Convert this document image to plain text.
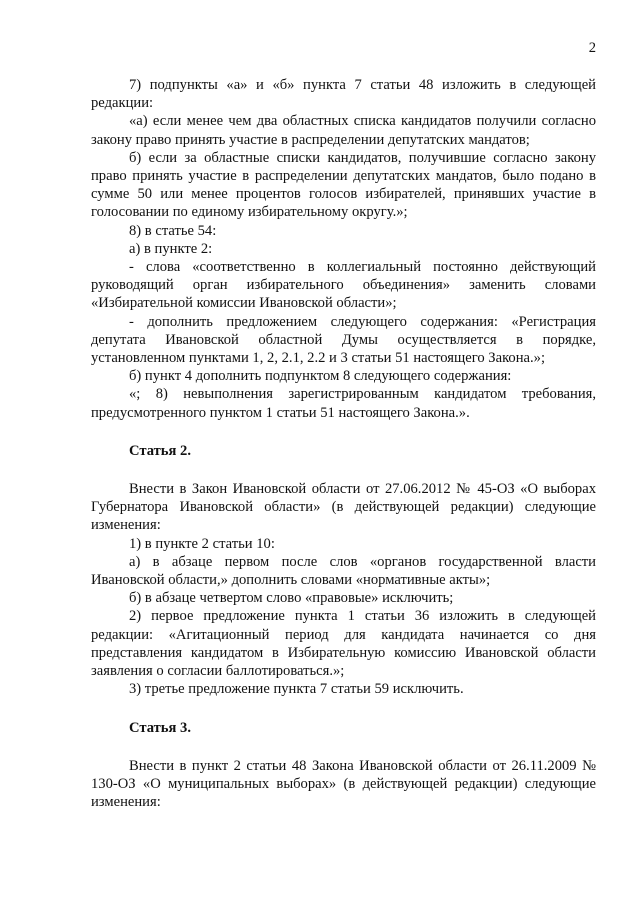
2

7) подпункты «а» и «б» пункта 7 статьи 48 изложить в следующей редакции:

«а) если менее чем два областных списка кандидатов получили согласно закону право принять участие в распределении депутатских мандатов;

б) если за областные списки кандидатов, получившие согласно закону право принять участие в распределении депутатских мандатов, было подано в сумме 50 или менее процентов голосов избирателей, принявших участие в голосовании по единому избирательному округу.»;

8) в статье 54:

а) в пункте 2:

- слова «соответственно в коллегиальный постоянно действующий руководящий орган избирательного объединения» заменить словами «Избирательной комиссии Ивановской области»;

- дополнить предложением следующего содержания: «Регистрация депутата Ивановской областной Думы осуществляется в порядке, установленном пунктами 1, 2, 2.1, 2.2 и 3 статьи 51 настоящего Закона.»;

б) пункт 4 дополнить подпунктом 8 следующего содержания:

«; 8) невыполнения зарегистрированным кандидатом требования, предусмотренного пунктом 1 статьи 51 настоящего Закона.».

Статья 2.

Внести в Закон Ивановской области от 27.06.2012 № 45-ОЗ «О выборах Губернатора Ивановской области» (в действующей редакции) следующие изменения:

1) в пункте 2 статьи 10:

а) в абзаце первом после слов «органов государственной власти Ивановской области,» дополнить словами «нормативные акты»;

б) в абзаце четвертом слово «правовые» исключить;

2) первое предложение пункта 1 статьи 36 изложить в следующей редакции: «Агитационный период для кандидата начинается со дня представления кандидатом в Избирательную комиссию Ивановской области заявления о согласии баллотироваться.»;

3) третье предложение пункта 7 статьи 59 исключить.

Статья 3.

Внести в пункт 2 статьи 48 Закона Ивановской области от 26.11.2009 № 130-ОЗ «О муниципальных выборах» (в действующей редакции) следующие изменения:
